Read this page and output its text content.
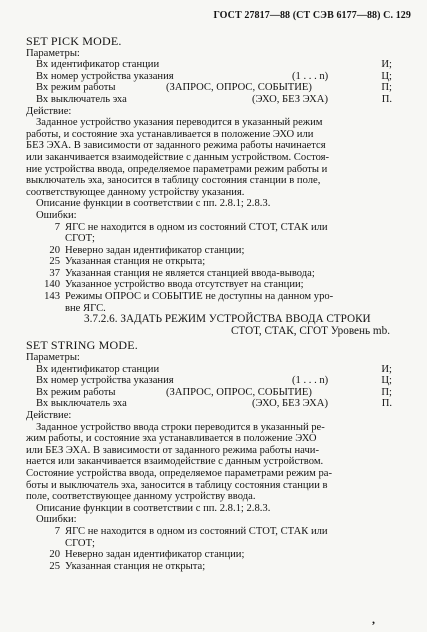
ГОСТ 27817—88 (СТ СЭВ 6177—88) С. 129
SET PICK MODE.
Параметры:
Вх идентификатор станции	И;
Вх номер устройства указания	(1 . . . n)	Ц;
Вх режим работы	(ЗАПРОС, ОПРОС, СОБЫТИЕ)	П;
Вх выключатель эха	(ЭХО, БЕЗ ЭХА)	П.
Действие:
Заданное устройство указания переводится в указанный режим
работы, и состояние эха устанавливается в положение ЭХО или
БЕЗ ЭХА. В зависимости от заданного режима работы начинается
или заканчивается взаимодействие с данным устройством. Состоя-
ние устройства ввода, определяемое параметрами режим работы и
выключатель эха, заносится в таблицу состояния станции в поле,
соответствующее данному устройству указания.
Описание функции в соответствии с пп. 2.8.1; 2.8.3.
Ошибки:
7 ЯГС не находится в одном из состояний СТОТ, СТАК или
СГОТ;
20 Неверно задан идентификатор станции;
25 Указанная станция не открыта;
37 Указанная станция не является станцией ввода-вывода;
140 Указанное устройство ввода отсутствует на станции;
143 Режимы ОПРОС и СОБЫТИЕ не доступны на данном уро-
вне ЯГС.
3.7.2.6. ЗАДАТЬ РЕЖИМ УСТРОЙСТВА ВВОДА СТРОКИ
СТОТ, СТАК, СГОТ Уровень mb.
SET STRING MODE.
Параметры:
Вх идентификатор станции	И;
Вх номер устройства указания	(1 . . . n)	Ц;
Вх режим работы	(ЗАПРОС, ОПРОС, СОБЫТИЕ)	П;
Вх выключатель эха	(ЭХО, БЕЗ ЭХА)	П.
Действие:
Заданное устройство ввода строки переводится в указанный ре-
жим работы, и состояние эха устанавливается в положение ЭХО
или БЕЗ ЭХА. В зависимости от заданного режима работы начи-
нается или заканчивается взаимодействие с данным устройством.
Состояние устройства ввода, определяемое параметрами режим ра-
боты и выключатель эха, заносится в таблицу состояния станции в
поле, соответствующее данному устройству ввода.
Описание функции в соответствии с пп. 2.8.1; 2.8.3.
Ошибки:
7 ЯГС не находится в одном из состояний СТОТ, СТАК или
СГОТ;
20 Неверно задан идентификатор станции;
25 Указанная станция не открыта;
,
